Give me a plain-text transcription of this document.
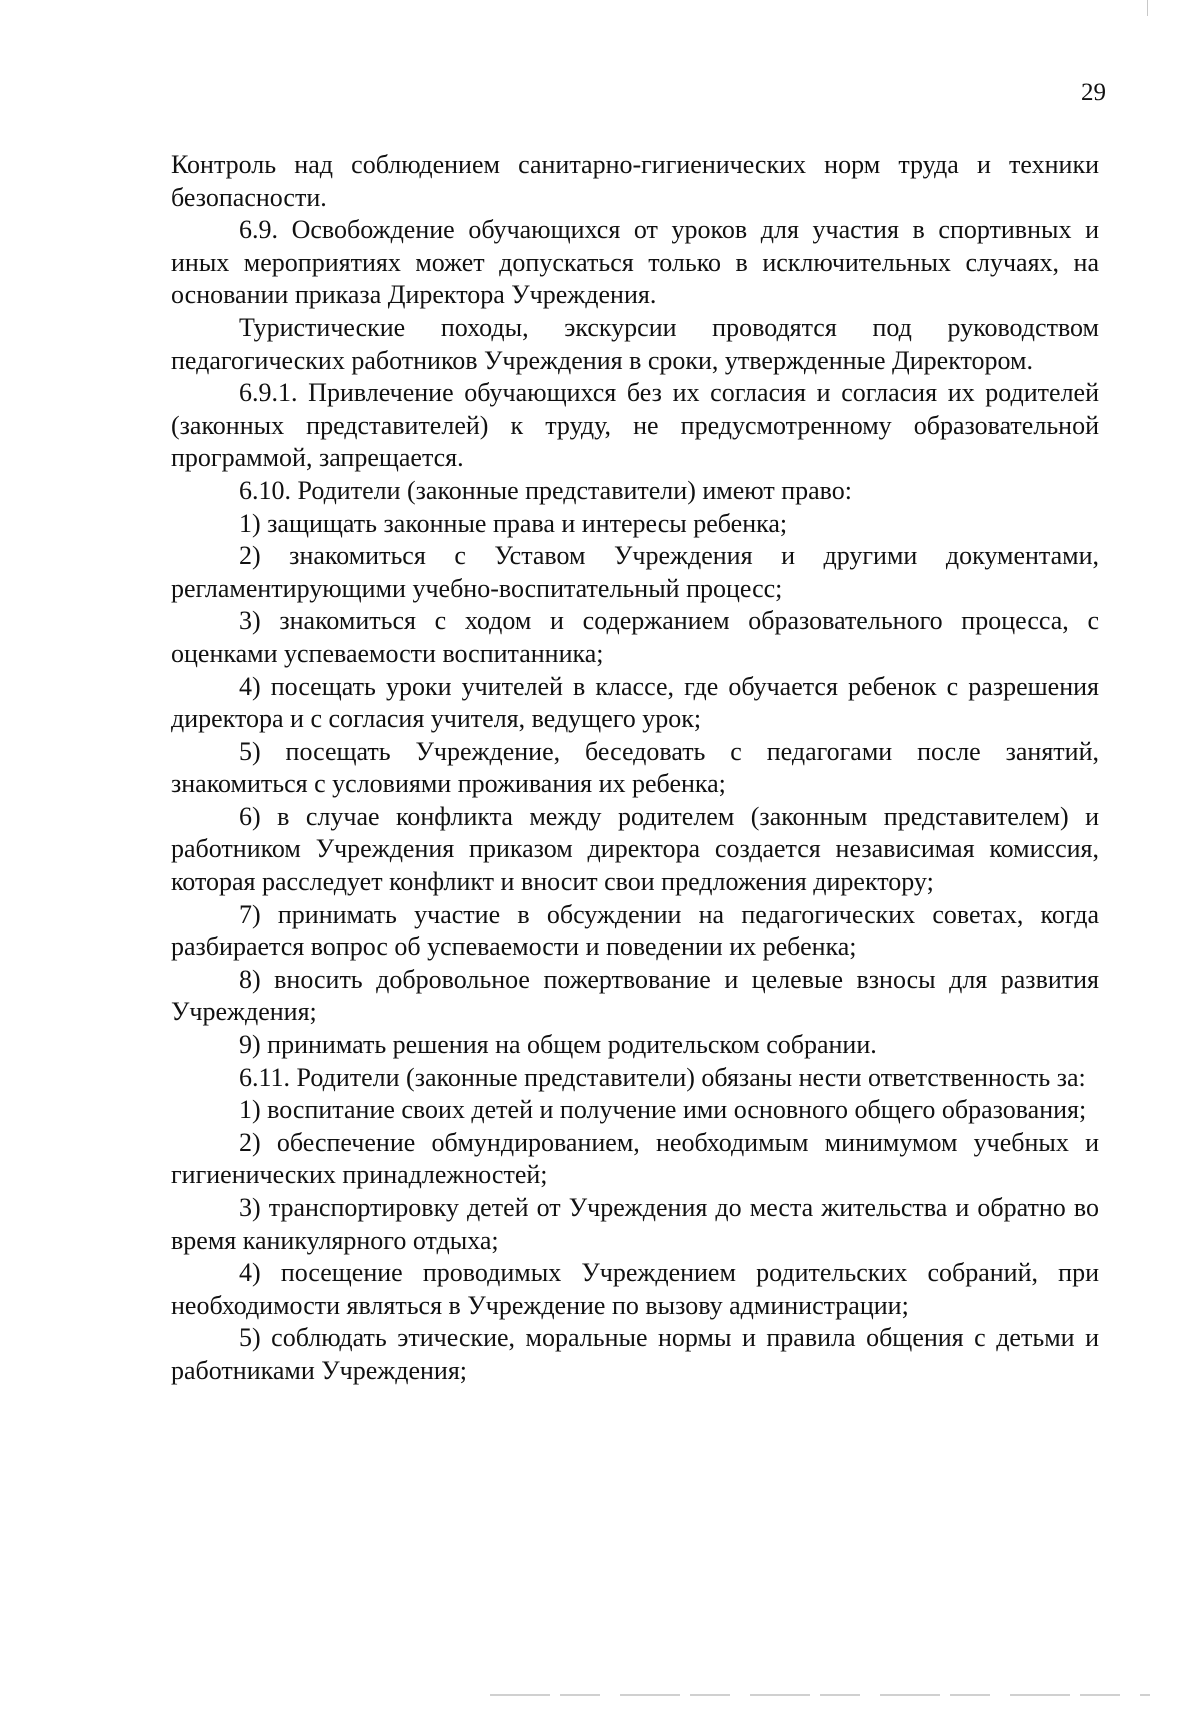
29

Контроль над соблюдением санитарно-гигиенических норм труда и техники безопасности.

6.9. Освобождение обучающихся от уроков для участия в спортивных и иных мероприятиях может допускаться только в исключительных случаях, на основании приказа Директора Учреждения.

Туристические походы, экскурсии проводятся под руководством педагогических работников Учреждения в сроки, утвержденные Директором.

6.9.1. Привлечение обучающихся без их согласия и согласия их родителей (законных представителей) к труду, не предусмотренному образовательной программой, запрещается.

6.10. Родители (законные представители) имеют право:

1) защищать законные права и интересы ребенка;

2) знакомиться с Уставом Учреждения и другими документами, регламентирующими учебно-воспитательный процесс;

3) знакомиться с ходом и содержанием образовательного процесса, с оценками успеваемости воспитанника;

4) посещать уроки учителей в классе, где обучается ребенок с разрешения директора и с согласия учителя, ведущего урок;

5) посещать Учреждение, беседовать с педагогами после занятий, знакомиться с условиями проживания их ребенка;

6) в случае конфликта между родителем (законным представителем) и работником Учреждения приказом директора создается независимая комиссия, которая расследует конфликт и вносит свои предложения директору;

7) принимать участие в обсуждении на педагогических советах, когда разбирается вопрос об успеваемости и поведении их ребенка;

8) вносить добровольное пожертвование и целевые взносы для развития Учреждения;

9) принимать решения на общем родительском собрании.

6.11. Родители (законные представители) обязаны нести ответственность за:

1) воспитание своих детей и получение ими основного общего образования;

2) обеспечение обмундированием, необходимым минимумом учебных и гигиенических принадлежностей;

3) транспортировку детей от Учреждения до места жительства и обратно во время каникулярного отдыха;

4) посещение проводимых Учреждением родительских собраний, при необходимости являться в Учреждение по вызову администрации;

5) соблюдать этические, моральные нормы и правила общения с детьми и работниками Учреждения;
